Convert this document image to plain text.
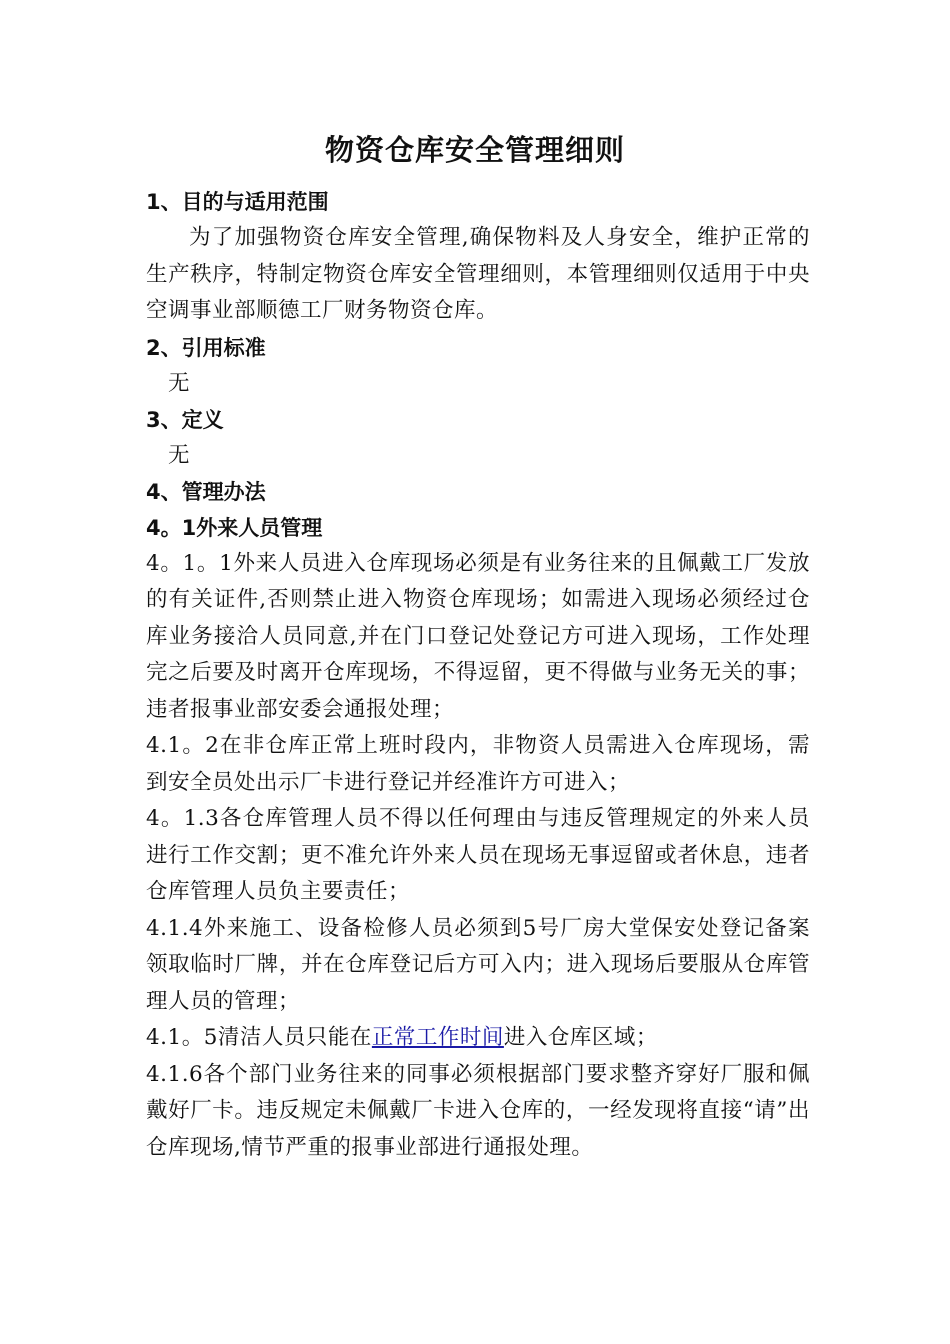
物资仓库安全管理细则
1、目的与适用范围
为了加强物资仓库安全管理,确保物料及人身安全，维护正常的生产秩序，特制定物资仓库安全管理细则，本管理细则仅适用于中央空调事业部顺德工厂财务物资仓库。
2、引用标准
无
3、定义
无
4、管理办法
4。1外来人员管理
4。1。1外来人员进入仓库现场必须是有业务往来的且佩戴工厂发放的有关证件,否则禁止进入物资仓库现场；如需进入现场必须经过仓库业务接洽人员同意,并在门口登记处登记方可进入现场，工作处理完之后要及时离开仓库现场，不得逗留，更不得做与业务无关的事；违者报事业部安委会通报处理；
4.1。2在非仓库正常上班时段内，非物资人员需进入仓库现场，需到安全员处出示厂卡进行登记并经准许方可进入；
4。1.3各仓库管理人员不得以任何理由与违反管理规定的外来人员进行工作交割；更不准允许外来人员在现场无事逗留或者休息，违者仓库管理人员负主要责任；
4.1.4外来施工、设备检修人员必须到5号厂房大堂保安处登记备案领取临时厂牌，并在仓库登记后方可入内；进入现场后要服从仓库管理人员的管理；
4.1。5清洁人员只能在正常工作时间进入仓库区域；
4.1.6各个部门业务往来的同事必须根据部门要求整齐穿好厂服和佩戴好厂卡。违反规定未佩戴厂卡进入仓库的，一经发现将直接“请”出仓库现场,情节严重的报事业部进行通报处理。
